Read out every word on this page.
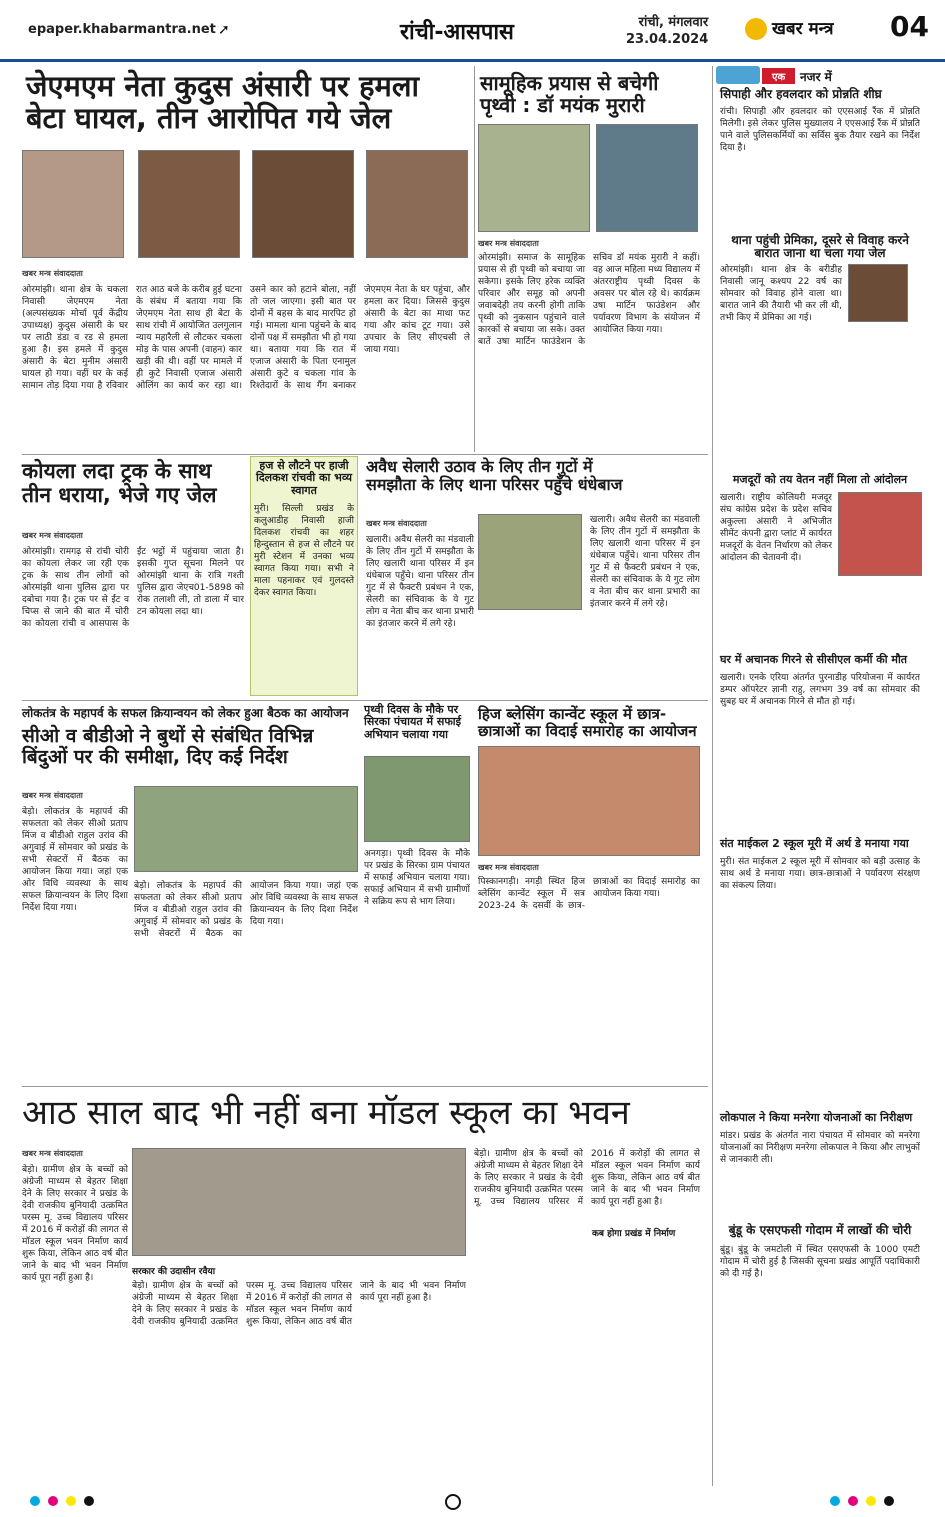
epaper.khabarmantra.net ➚	रांची-आसपास	रांची, मंगलवार
23.04.2024
खबर मन्त्र 04
जेएमएम नेता कुदुस अंसारी पर हमला
बेटा घायल, तीन आरोपित गये जेल
खबर मन्त्र संवाददाता
ओरमांझी। थाना क्षेत्र के चकला निवासी जेएमएम नेता (अल्पसंख्यक मोर्चा पूर्व केंद्रीय उपाध्यक्ष) कुदुस अंसारी के घर पर लाठी डंडा व रड से हमला हुआ है। इस हमले में कुदुस अंसारी के बेटा मुनीम अंसारी घायल हो गया। वहीं घर के कई सामान तोड़ दिया गया है रविवार रात आठ बजे के करीब हुई घटना के संबंध में बताया गया कि जेएमएम नेता साथ ही बेटा के साथ रांची में आयोजित उलगुलान न्याय महारैली से लौटकर चकला मोड़ के पास अपनी (वाहन) कार खड़ी की थी। वहीं पर मामले में ही कुटे निवासी एजाज अंसारी ओलिंग का कार्य कर रहा था। उसने कार को हटाने बोला, नहीं तो जल जाएगा। इसी बात पर दोनों में बहस के बाद मारपिट हो गई। मामला थाना पहुंचने के बाद दोनों पक्ष में समझौता भी हो गया था। बताया गया कि रात में एजाज अंसारी के पिता एनामुल अंसारी कुटे व चकला गांव के रिश्तेदारों के साथ गैंग बनाकर जेएमएम नेता के घर पहुंचा, और हमला कर दिया। जिससे कुदुस अंसारी के बेटा का माथा फट गया और कांच टूट गया। उसे उपचार के लिए सीएचसी ले जाया गया।
सामूहिक प्रयास से बचेगी
पृथ्वी : डॉ मयंक मुरारी
खबर मन्त्र संवाददाता
ओरमांझी। समाज के सामूहिक प्रयास से ही पृथ्वी को बचाया जा सकेगा। इसके लिए हरेक व्यक्ति परिवार और समूह को अपनी जवाबदेही तय करनी होगी ताकि पृथ्वी को नुकसान पहुंचाने वाले कारकों से बचाया जा सके। उक्त बातें उषा मार्टिन फाउंडेशन के सचिव डॉ मयंक मुरारी ने कहीं। वह आज महिला मध्य विद्यालय में अंतरराष्ट्रीय पृथ्वी दिवस के अवसर पर बोल रहे थे। कार्यक्रम उषा मार्टिन फाउंडेशन और पर्यावरण विभाग के संयोजन में आयोजित किया गया।
कोयला लदा ट्रक के साथ
तीन धराया, भेजे गए जेल
खबर मन्त्र संवाददाता
ओरमांझी। रामगढ़ से रांची चोरी का कोयला लेकर जा रही एक ट्रक के साथ तीन लोगों को ओरमांझी थाना पुलिस द्वारा पर दबोचा गया है। ट्रक पर से ईंट व चिप्स से जाने की बात में चोरी का कोयला रांची व आसपास के ईंट भट्ठों में पहुंचाया जाता है। इसकी गुप्त सूचना मिलने पर ओरमांझी थाना के रात्रि गश्ती पुलिस द्वारा जेएच01-5898 को रोक तलाशी ली, तो डाला में चार टन कोयला लदा था।
हज से लौटने पर हाजी दिलकश रांचवी का भव्य स्वागत
मुरी। सिल्ली प्रखंड के कलुआडीह निवासी हाजी दिलकश रांचवी का शहर हिन्दुस्तान से हज से लौटने पर मुरी स्टेशन में उनका भव्य स्वागत किया गया। सभी ने माला पहनाकर एवं गुलदस्ते देकर स्वागत किया।
अवैध सेलारी उठाव के लिए तीन गुटों में
समझौता के लिए थाना परिसर पहुँचे धंधेबाज
खबर मन्त्र संवाददाता
खलारी। अवैध सेलरी का मंडवाली के लिए तीन गुटों में समझौता के लिए खलारी थाना परिसर में इन धंधेबाज पहुँचे। थाना परिसर तीन गुट में से फैक्टरी प्रबंधन ने एक, सेलरी का संचिवाक के ये गुट लोग व नेता बीच कर थाना प्रभारी का इंतजार करने में लगे रहे।
खलारी। अवैध सेलरी का मंडवाली के लिए तीन गुटों में समझौता के लिए खलारी थाना परिसर में इन धंधेबाज पहुँचे। थाना परिसर तीन गुट में से फैक्टरी प्रबंधन ने एक, सेलरी का संचिवाक के ये गुट लोग व नेता बीच कर थाना प्रभारी का इंतजार करने में लगे रहे।
लोकतंत्र के महापर्व के सफल क्रियान्वयन को लेकर हुआ बैठक का आयोजन
सीओ व बीडीओ ने बुथों से संबंधित विभिन्न
बिंदुओं पर की समीक्षा, दिए कई निर्देश
खबर मन्त्र संवाददाता
बेड़ो। लोकतंत्र के महापर्व की सफलता को लेकर सीओ प्रताप मिंज व बीडीओ राहुल उरांव की अगुवाई में सोमवार को प्रखंड के सभी सेक्टरों में बैठक का आयोजन किया गया। जहां एक ओर विधि व्यवस्था के साथ सफल क्रियान्वयन के लिए दिशा निर्देश दिया गया।
बेड़ो। लोकतंत्र के महापर्व की सफलता को लेकर सीओ प्रताप मिंज व बीडीओ राहुल उरांव की अगुवाई में सोमवार को प्रखंड के सभी सेक्टरों में बैठक का आयोजन किया गया। जहां एक ओर विधि व्यवस्था के साथ सफल क्रियान्वयन के लिए दिशा निर्देश दिया गया।
पृथ्वी दिवस के मौके पर सिरका पंचायत में सफाई अभियान चलाया गया
अनगड़ा। पृथ्वी दिवस के मौके पर प्रखंड के सिरका ग्राम पंचायत में सफाई अभियान चलाया गया। सफाई अभियान में सभी ग्रामीणों ने सक्रिय रूप से भाग लिया।
हिज ब्लेसिंग कान्वेंट स्कूल में छात्र-
छात्राओं का विदाई समारोह का आयोजन
खबर मन्त्र संवाददाता
पिस्कानगड़ी। नगड़ी स्थित हिज ब्लेसिंग कान्वेंट स्कूल में सत्र 2023-24 के दसवीं के छात्र-छात्राओं का विदाई समारोह का आयोजन किया गया।
आठ साल बाद भी नहीं बना मॉडल स्कूल का भवन
खबर मन्त्र संवाददाता
सरकार की उदासीन रवैया
कब होगा प्रखंड में निर्माण
बेड़ो। ग्रामीण क्षेत्र के बच्चों को अंग्रेजी माध्यम से बेहतर शिक्षा देने के लिए सरकार ने प्रखंड के देवी राजकीय बुनियादी उत्क्रमित परस्म मू. उच्च विद्यालय परिसर में 2016 में करोड़ों की लागत से मॉडल स्कूल भवन निर्माण कार्य शुरू किया, लेकिन आठ वर्ष बीत जाने के बाद भी भवन निर्माण कार्य पूरा नहीं हुआ है।
बेड़ो। ग्रामीण क्षेत्र के बच्चों को अंग्रेजी माध्यम से बेहतर शिक्षा देने के लिए सरकार ने प्रखंड के देवी राजकीय बुनियादी उत्क्रमित परस्म मू. उच्च विद्यालय परिसर में 2016 में करोड़ों की लागत से मॉडल स्कूल भवन निर्माण कार्य शुरू किया, लेकिन आठ वर्ष बीत जाने के बाद भी भवन निर्माण कार्य पूरा नहीं हुआ है।
बेड़ो। ग्रामीण क्षेत्र के बच्चों को अंग्रेजी माध्यम से बेहतर शिक्षा देने के लिए सरकार ने प्रखंड के देवी राजकीय बुनियादी उत्क्रमित परस्म मू. उच्च विद्यालय परिसर में 2016 में करोड़ों की लागत से मॉडल स्कूल भवन निर्माण कार्य शुरू किया, लेकिन आठ वर्ष बीत जाने के बाद भी भवन निर्माण कार्य पूरा नहीं हुआ है।
एक	नजर में
सिपाही और हवलदार को प्रोन्नति शीघ्र
रांची। सिपाही और हवलदार को एएसआई रैंक में प्रोन्नति मिलेगी। इसे लेकर पुलिस मुख्यालय ने एएसआई रैंक में प्रोन्नति पाने वाले पुलिसकर्मियों का सर्विस बुक तैयार रखने का निर्देश दिया है।
थाना पहुंची प्रेमिका, दूसरे से विवाह करने बारात जाना था चला गया जेल
ओरमांझी। थाना क्षेत्र के बरीडीह निवासी जानू कश्यप 22 वर्ष का सोमवार को विवाह होने वाला था। बारात जाने की तैयारी भी कर ली थी, तभी किए में प्रेमिका आ गई।
मजदूरों को तय वेतन नहीं मिला तो आंदोलन
खलारी। राष्ट्रीय कोलियरी मजदूर संघ कांग्रेस प्रदेश के प्रदेश सचिव अकुल्ला अंसारी ने अभिजीत सीमेंट कंपनी द्वारा प्लांट में कार्यरत मजदूरों के वेतन निर्धारण को लेकर आंदोलन की चेतावनी दी।
घर में अचानक गिरने से सीसीएल कर्मी की मौत
खलारी। एनके एरिया अंतर्गत पुरनाडीह परियोजना में कार्यरत डम्पर ऑपरेटर ज्ञानी राहु, लगभग 39 वर्ष का सोमवार की सुबह घर में अचानक गिरने से मौत हो गई।
संत माईकल 2 स्कूल मूरी में अर्थ डे मनाया गया
मुरी। संत माईकल 2 स्कूल मूरी में सोमवार को बड़ी उत्साह के साथ अर्थ डे मनाया गया। छात्र-छात्राओं ने पर्यावरण संरक्षण का संकल्प लिया।
लोकपाल ने किया मनरेगा योजनाओं का निरीक्षण
मांडर। प्रखंड के अंतर्गत नारा पंचायत में सोमवार को मनरेगा योजनाओं का निरीक्षण मनरेगा लोकपाल ने किया और लाभुकों से जानकारी ली।
बुंडू के एसएफसी गोदाम में लाखों की चोरी
बुंडू। बुंडू के जमटोली में स्थित एसएफसी के 1000 एमटी गोदाम में चोरी हुई है जिसकी सूचना प्रखंड आपूर्ति पदाधिकारी को दी गई है।
